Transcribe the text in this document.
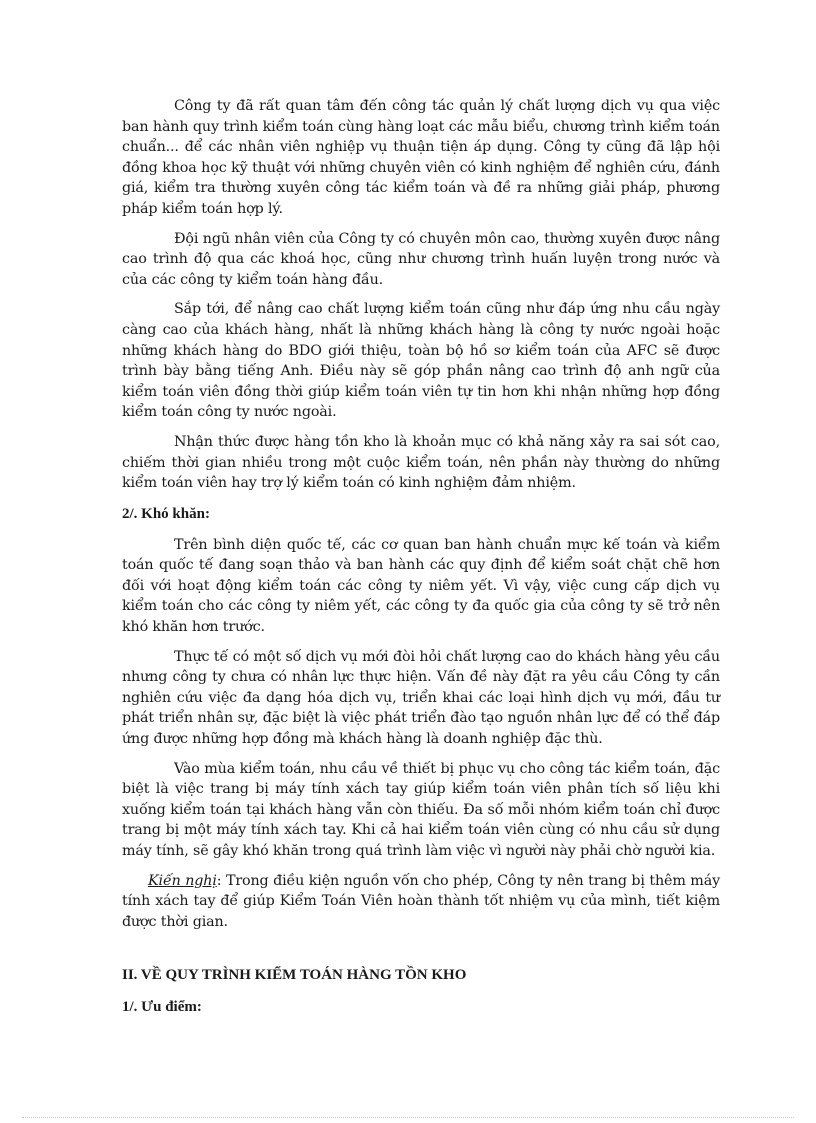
Công ty đã rất quan tâm đến công tác quản lý chất lượng dịch vụ qua việc ban hành quy trình kiểm toán cùng hàng loạt các mẫu biểu, chương trình kiểm toán chuẩn... để các nhân viên nghiệp vụ thuận tiện áp dụng. Công ty cũng đã lập hội đồng khoa học kỹ thuật với những chuyên viên có kinh nghiệm để nghiên cứu, đánh giá, kiểm tra thường xuyên công tác kiểm toán và đề ra những giải pháp, phương pháp kiểm toán hợp lý.

Đội ngũ nhân viên của Công ty có chuyên môn cao, thường xuyên được nâng cao trình độ qua các khoá học, cũng như chương trình huấn luyện trong nước và của các công ty kiểm toán hàng đầu.

Sắp tới, để nâng cao chất lượng kiểm toán cũng như đáp ứng nhu cầu ngày càng cao của khách hàng, nhất là những khách hàng là công ty nước ngoài hoặc những khách hàng do BDO giới thiệu, toàn bộ hồ sơ kiểm toán của AFC sẽ được trình bày bằng tiếng Anh. Điều này sẽ góp phần nâng cao trình độ anh ngữ của kiểm toán viên đồng thời giúp kiểm toán viên tự tin hơn khi nhận những hợp đồng kiểm toán công ty nước ngoài.

Nhận thức được hàng tồn kho là khoản mục có khả năng xảy ra sai sót cao, chiếm thời gian nhiều trong một cuộc kiểm toán, nên phần này thường do những kiểm toán viên hay trợ lý kiểm toán có kinh nghiệm đảm nhiệm.

2/. Khó khăn:

Trên bình diện quốc tế, các cơ quan ban hành chuẩn mực kế toán và kiểm toán quốc tế đang soạn thảo và ban hành các quy định để kiểm soát chặt chẽ hơn đối với hoạt động kiểm toán các công ty niêm yết. Vì vậy, việc cung cấp dịch vụ kiểm toán cho các công ty niêm yết, các công ty đa quốc gia của công ty sẽ trở nên khó khăn hơn trước.

Thực tế có một số dịch vụ mới đòi hỏi chất lượng cao do khách hàng yêu cầu nhưng công ty chưa có nhân lực thực hiện. Vấn đề này đặt ra yêu cầu Công ty cần nghiên cứu việc đa dạng hóa dịch vụ, triển khai các loại hình dịch vụ mới, đầu tư phát triển nhân sự, đặc biệt là việc phát triển đào tạo nguồn nhân lực để có thể đáp ứng được những hợp đồng mà khách hàng là doanh nghiệp đặc thù.

Vào mùa kiểm toán, nhu cầu về thiết bị phục vụ cho công tác kiểm toán, đặc biệt là việc trang bị máy tính xách tay giúp kiểm toán viên phân tích số liệu khi xuống kiểm toán tại khách hàng vẫn còn thiếu. Đa số mỗi nhóm kiểm toán chỉ được trang bị một máy tính xách tay. Khi cả hai kiểm toán viên cùng có nhu cầu sử dụng máy tính, sẽ gây khó khăn trong quá trình làm việc vì người này phải chờ người kia.

Kiến nghị: Trong điều kiện nguồn vốn cho phép, Công ty nên trang bị thêm máy tính xách tay để giúp Kiểm Toán Viên hoàn thành tốt nhiệm vụ của mình, tiết kiệm được thời gian.

II. VỀ QUY TRÌNH KIỂM TOÁN HÀNG TỒN KHO
1/. Ưu điểm:
